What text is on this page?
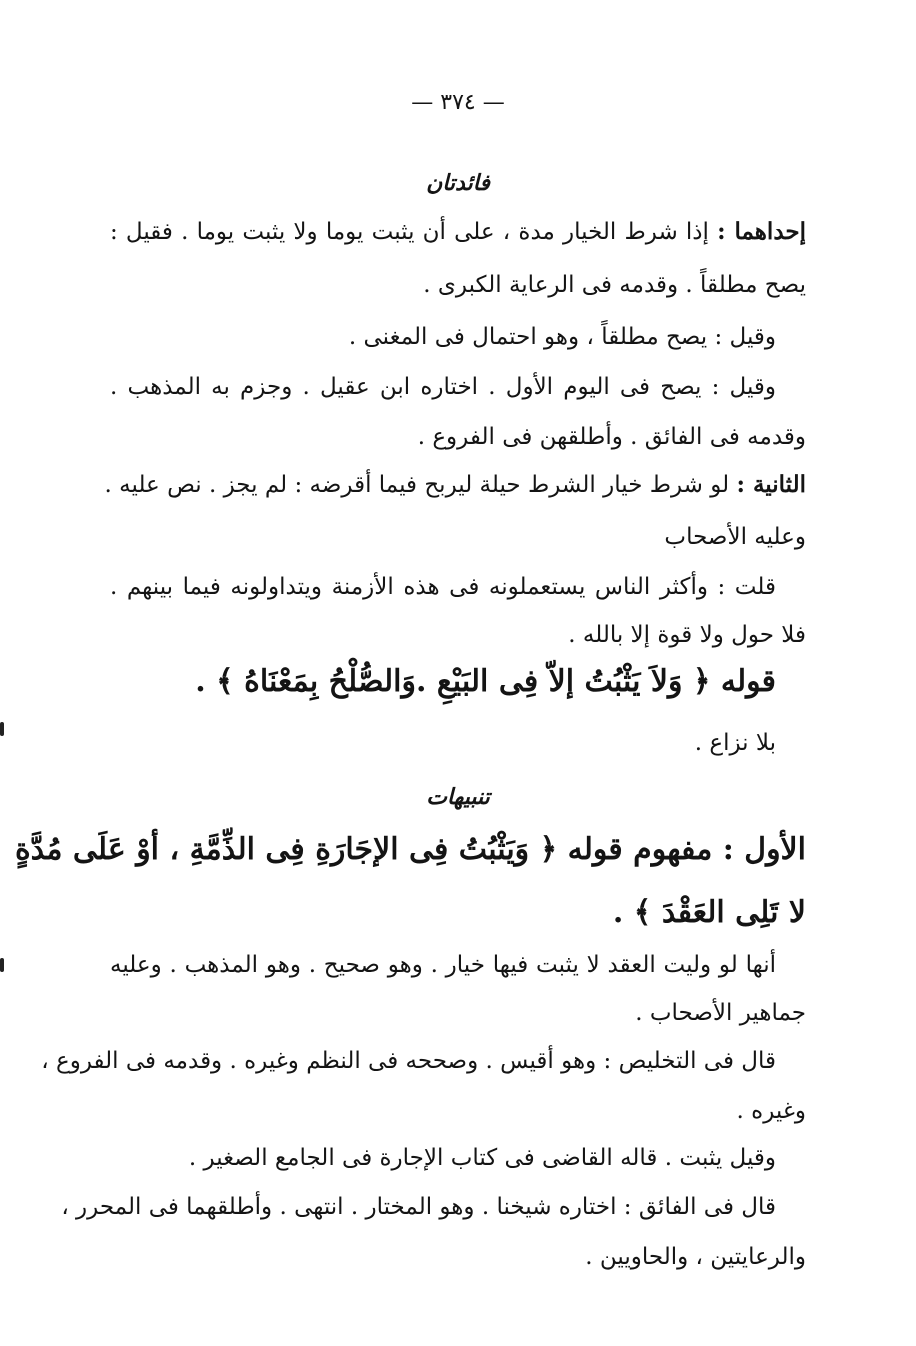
— ٣٧٤ —
فائدتان
إحداهما : إذا شرط الخيار مدة ، على أن يثبت يوما ولا يثبت يوما . فقيل :
يصح مطلقاً . وقدمه فى الرعاية الكبرى .
وقيل : يصح مطلقاً ، وهو احتمال فى المغنى .
وقيل : يصح فى اليوم الأول . اختاره ابن عقيل . وجزم به المذهب .
وقدمه فى الفائق . وأطلقهن فى الفروع .
الثانية : لو شرط خيار الشرط حيلة ليربح فيما أقرضه : لم يجز . نص عليه .
وعليه الأصحاب
قلت : وأكثر الناس يستعملونه فى هذه الأزمنة ويتداولونه فيما بينهم .
فلا حول ولا قوة إلا بالله .
قوله ﴿ وَلاَ يَثْبُتُ إلاّ فِى البَيْعِ .وَالصُّلْحُ بِمَعْنَاهُ ﴾ .
بلا نزاع .
تنبيهات
الأول : مفهوم قوله ﴿ وَيَثْبُتُ فِى الإجَارَةِ فِى الذِّمَّةِ ، أوْ عَلَى مُدَّةٍ
لا تَلِى العَقْدَ ﴾ .
أنها لو وليت العقد لا يثبت فيها خيار . وهو صحيح . وهو المذهب . وعليه
جماهير الأصحاب .
قال فى التخليص : وهو أقيس . وصححه فى النظم وغيره . وقدمه فى الفروع ،
وغيره .
وقيل يثبت . قاله القاضى فى كتاب الإجارة فى الجامع الصغير .
قال فى الفائق : اختاره شيخنا . وهو المختار . انتهى . وأطلقهما فى المحرر ،
والرعايتين ، والحاويين .
